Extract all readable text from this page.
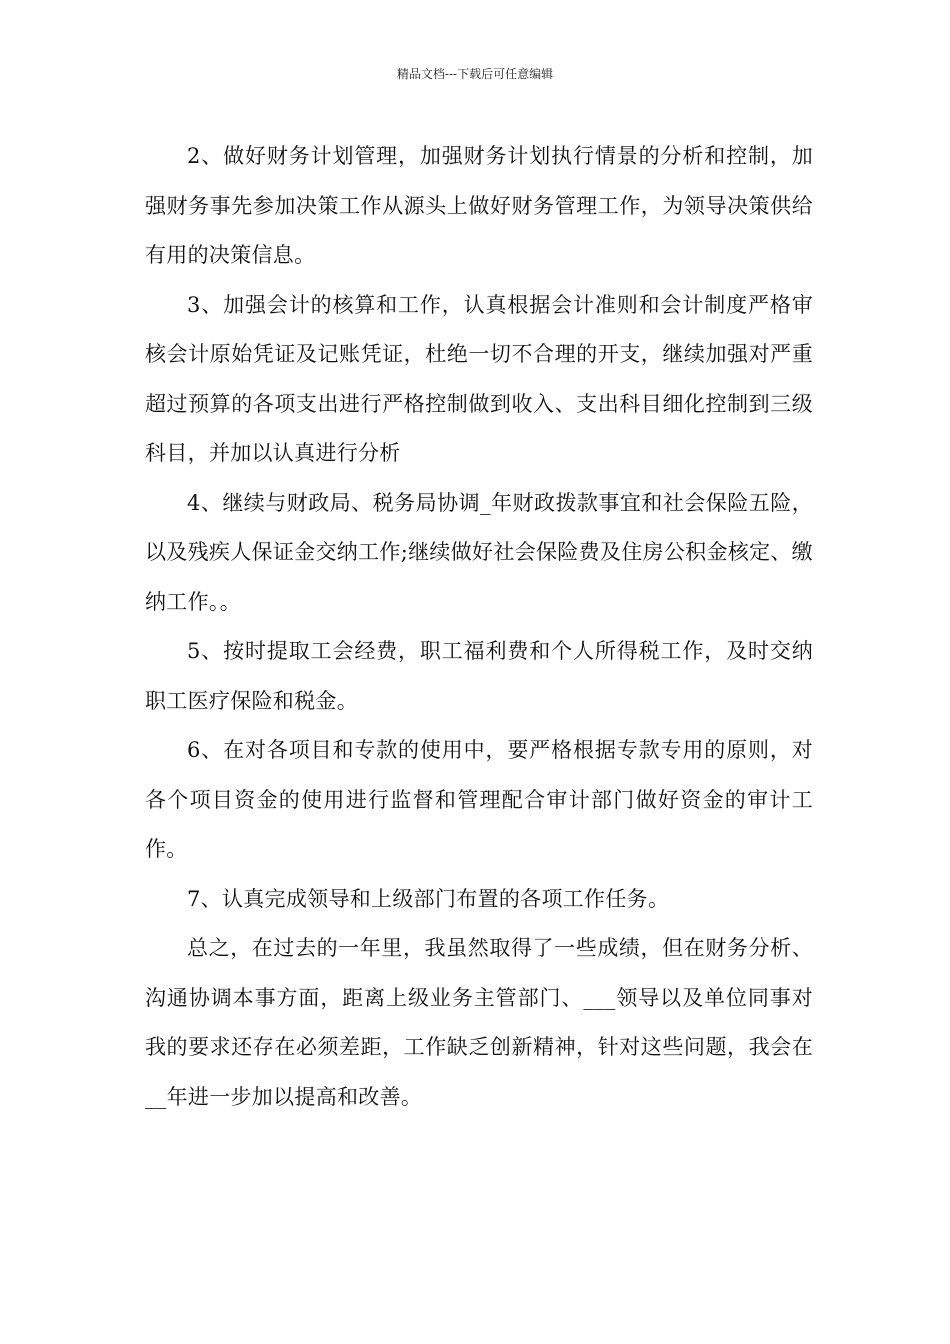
精品文档---下载后可任意编辑

2、做好财务计划管理，加强财务计划执行情景的分析和控制，加强财务事先参加决策工作从源头上做好财务管理工作，为领导决策供给有用的决策信息。

3、加强会计的核算和工作，认真根据会计准则和会计制度严格审核会计原始凭证及记账凭证，杜绝一切不合理的开支，继续加强对严重超过预算的各项支出进行严格控制做到收入、支出科目细化控制到三级科目，并加以认真进行分析

4、继续与财政局、税务局协调_年财政拨款事宜和社会保险五险，以及残疾人保证金交纳工作;继续做好社会保险费及住房公积金核定、缴纳工作。。

5、按时提取工会经费，职工福利费和个人所得税工作，及时交纳职工医疗保险和税金。

6、在对各项目和专款的使用中，要严格根据专款专用的原则，对各个项目资金的使用进行监督和管理配合审计部门做好资金的审计工作。

7、认真完成领导和上级部门布置的各项工作任务。

总之，在过去的一年里，我虽然取得了一些成绩，但在财务分析、沟通协调本事方面，距离上级业务主管部门、___领导以及单位同事对我的要求还存在必须差距，工作缺乏创新精神，针对这些问题，我会在__年进一步加以提高和改善。
